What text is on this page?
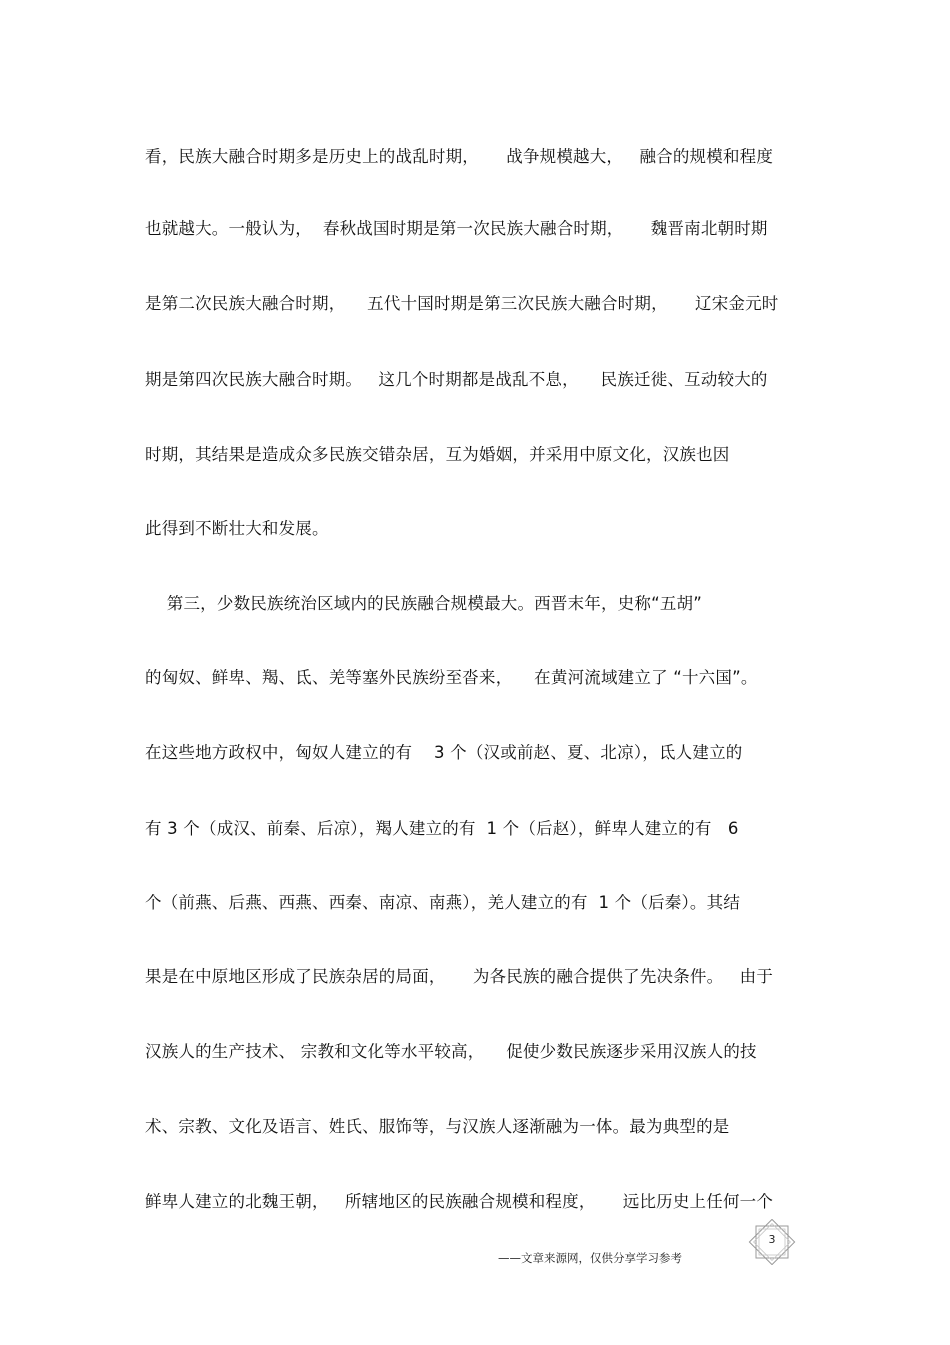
看，民族大融合时期多是历史上的战乱时期，     战争规模越大，   融合的规模和程度
也就越大。一般认为，  春秋战国时期是第一次民族大融合时期，     魏晋南北朝时期
是第二次民族大融合时期，    五代十国时期是第三次民族大融合时期，     辽宋金元时
期是第四次民族大融合时期。   这几个时期都是战乱不息，    民族迁徙、互动较大的
时期，其结果是造成众多民族交错杂居，互为婚姻，并采用中原文化，汉族也因
此得到不断壮大和发展。
第三，少数民族统治区域内的民族融合规模最大。西晋末年，史称“五胡”
的匈奴、鲜卑、羯、氐、羌等塞外民族纷至沓来，    在黄河流域建立了 “十六国”。
在这些地方政权中，匈奴人建立的有    3 个（汉或前赵、夏、北凉），氐人建立的
有 3 个（成汉、前秦、后凉），羯人建立的有  1 个（后赵），鲜卑人建立的有   6
个（前燕、后燕、西燕、西秦、南凉、南燕），羌人建立的有  1 个（后秦）。其结
果是在中原地区形成了民族杂居的局面，     为各民族的融合提供了先决条件。   由于
汉族人的生产技术、 宗教和文化等水平较高，    促使少数民族逐步采用汉族人的技
术、宗教、文化及语言、姓氏、服饰等，与汉族人逐渐融为一体。最为典型的是
鲜卑人建立的北魏王朝，   所辖地区的民族融合规模和程度，     远比历史上任何一个
——文章来源网，仅供分享学习参考
3
